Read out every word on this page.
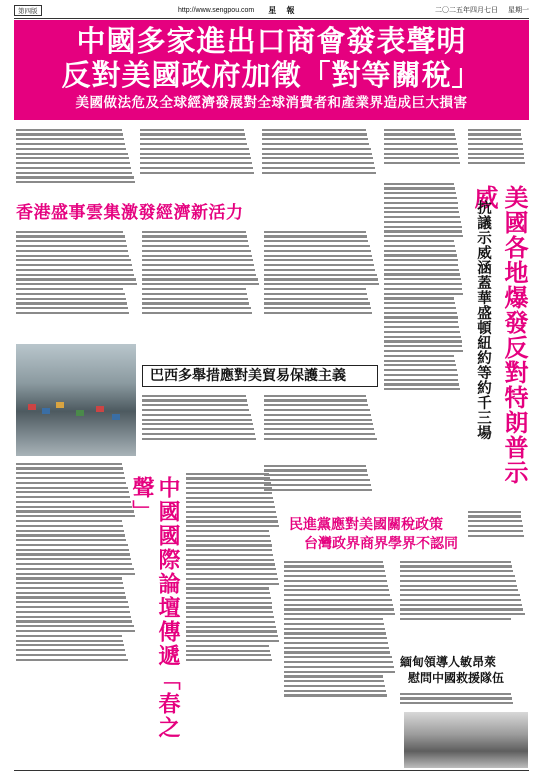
第四版	http://www.sengpou.com 星 報	二〇二五年四月七日 星期一
中國多家進出口商會發表聲明
反對美國政府加徵「對等關稅」
美國做法危及全球經濟發展對全球消費者和產業界造成巨大損害
香港盛事雲集激發經濟新活力
巴西多舉措應對美貿易保護主義
中國國際論壇傳遞「春之聲」
民進黨應對美國關稅政策
台灣政界商界學界不認同
美國各地爆發反對特朗普示威
抗議示威涵蓋華盛頓紐約等約千三場
緬甸領導人敏昂萊
慰問中國救援隊伍
